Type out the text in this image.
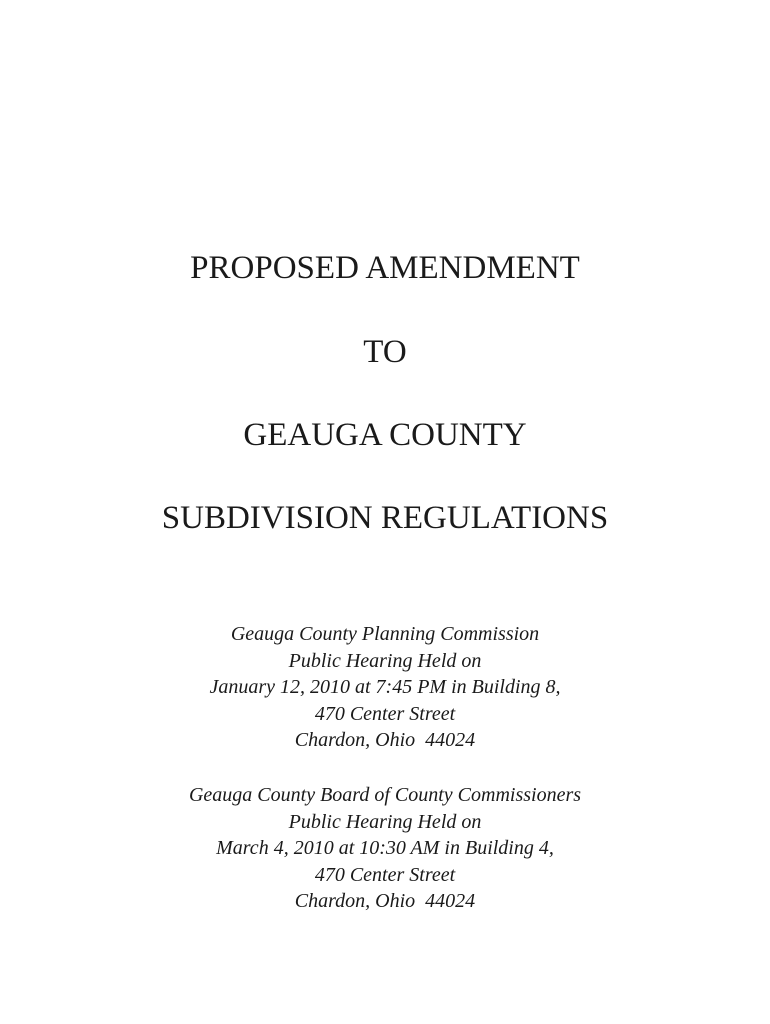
PROPOSED AMENDMENT
TO
GEAUGA COUNTY
SUBDIVISION REGULATIONS
Geauga County Planning Commission
Public Hearing Held on
January 12, 2010 at 7:45 PM in Building 8,
470 Center Street
Chardon, Ohio  44024
Geauga County Board of County Commissioners
Public Hearing Held on
March 4, 2010 at 10:30 AM in Building 4,
470 Center Street
Chardon, Ohio  44024
